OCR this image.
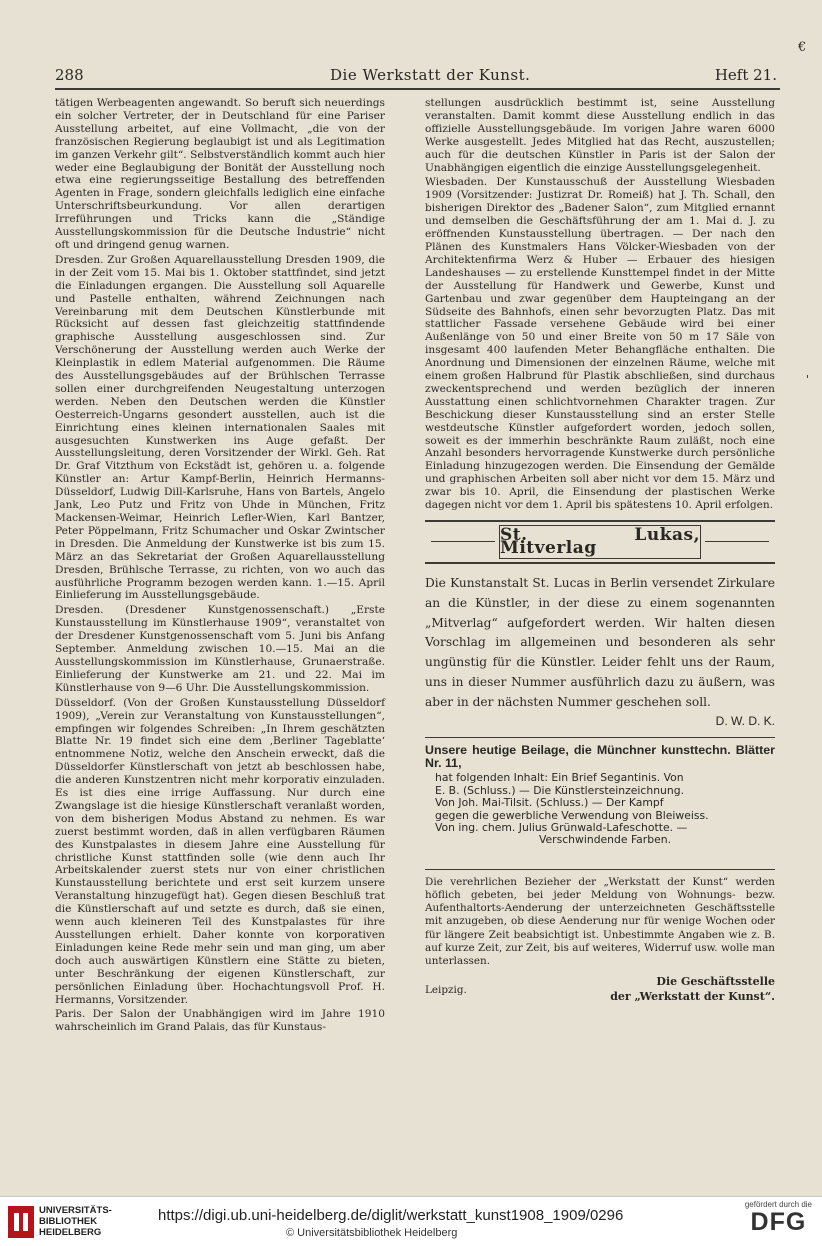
€
'
288	Die Werkstatt der Kunst.	Heft 21.

tätigen Werbeagenten angewandt. So beruft sich neuerdings ein solcher Vertreter, der in Deutschland für eine Pariser Ausstellung arbeitet, auf eine Vollmacht, „die von der französischen Regierung beglaubigt ist und als Legitimation im ganzen Verkehr gilt“. Selbstverständlich kommt auch hier weder eine Beglaubigung der Bonität der Ausstellung noch etwa eine regierungsseitige Bestallung des betreffenden Agenten in Frage, sondern gleichfalls lediglich eine einfache Unterschriftsbeurkundung. Vor allen derartigen Irreführungen und Tricks kann die „Ständige Ausstellungskommission für die Deutsche Industrie“ nicht oft und dringend genug warnen.

Dresden. Zur Großen Aquarellausstellung Dresden 1909, die in der Zeit vom 15. Mai bis 1. Oktober stattfindet, sind jetzt die Einladungen ergangen. Die Ausstellung soll Aquarelle und Pastelle enthalten, während Zeichnungen nach Vereinbarung mit dem Deutschen Künstlerbunde mit Rücksicht auf dessen fast gleichzeitig stattfindende graphische Ausstellung ausgeschlossen sind. Zur Verschönerung der Ausstellung werden auch Werke der Kleinplastik in edlem Material aufgenommen. Die Räume des Ausstellungsgebäudes auf der Brühlschen Terrasse sollen einer durchgreifenden Neugestaltung unterzogen werden. Neben den Deutschen werden die Künstler Oesterreich-Ungarns gesondert ausstellen, auch ist die Einrichtung eines kleinen internationalen Saales mit ausgesuchten Kunstwerken ins Auge gefaßt. Der Ausstellungsleitung, deren Vorsitzender der Wirkl. Geh. Rat Dr. Graf Vitzthum von Eckstädt ist, gehören u. a. folgende Künstler an: Artur Kampf-Berlin, Heinrich Hermanns-Düsseldorf, Ludwig Dill-Karlsruhe, Hans von Bartels, Angelo Jank, Leo Putz und Fritz von Uhde in München, Fritz Mackensen-Weimar, Heinrich Lefler-Wien, Karl Bantzer, Peter Pöppelmann, Fritz Schumacher und Oskar Zwintscher in Dresden. Die Anmeldung der Kunstwerke ist bis zum 15. März an das Sekretariat der Großen Aquarellausstellung Dresden, Brühlsche Terrasse, zu richten, von wo auch das ausführliche Programm bezogen werden kann. 1.—15. April Einlieferung im Ausstellungsgebäude.

Dresden. (Dresdener Kunstgenossenschaft.) „Erste Kunstausstellung im Künstlerhause 1909“, veranstaltet von der Dresdener Kunstgenossenschaft vom 5. Juni bis Anfang September. Anmeldung zwischen 10.—15. Mai an die Ausstellungskommission im Künstlerhause, Grunaerstraße. Einlieferung der Kunstwerke am 21. und 22. Mai im Künstlerhause von 9—6 Uhr. Die Ausstellungskommission.

Düsseldorf. (Von der Großen Kunstausstellung Düsseldorf 1909), „Verein zur Veranstaltung von Kunstausstellungen“, empfingen wir folgendes Schreiben: „In Ihrem geschätzten Blatte Nr. 19 findet sich eine dem ‚Berliner Tageblatte‘ entnommene Notiz, welche den Anschein erweckt, daß die Düsseldorfer Künstlerschaft von jetzt ab beschlossen habe, die anderen Kunstzentren nicht mehr korporativ einzuladen. Es ist dies eine irrige Auffassung. Nur durch eine Zwangslage ist die hiesige Künstlerschaft veranlaßt worden, von dem bisherigen Modus Abstand zu nehmen. Es war zuerst bestimmt worden, daß in allen verfügbaren Räumen des Kunstpalastes in diesem Jahre eine Ausstellung für christliche Kunst stattfinden solle (wie denn auch Ihr Arbeitskalender zuerst stets nur von einer christlichen Kunstausstellung berichtete und erst seit kurzem unsere Veranstaltung hinzugefügt hat). Gegen diesen Beschluß trat die Künstlerschaft auf und setzte es durch, daß sie einen, wenn auch kleineren Teil des Kunstpalastes für ihre Ausstellungen erhielt. Daher konnte von korporativen Einladungen keine Rede mehr sein und man ging, um aber doch auch auswärtigen Künstlern eine Stätte zu bieten, unter Beschränkung der eigenen Künstlerschaft, zur persönlichen Einladung über. Hochachtungsvoll Prof. H. Hermanns, Vorsitzender.

Paris. Der Salon der Unabhängigen wird im Jahre 1910 wahrscheinlich im Grand Palais, das für Kunstaus-

stellungen ausdrücklich bestimmt ist, seine Ausstellung veranstalten. Damit kommt diese Ausstellung endlich in das offizielle Ausstellungsgebäude. Im vorigen Jahre waren 6000 Werke ausgestellt. Jedes Mitglied hat das Recht, auszustellen; auch für die deutschen Künstler in Paris ist der Salon der Unabhängigen eigentlich die einzige Ausstellungsgelegenheit.

Wiesbaden. Der Kunstausschuß der Ausstellung Wiesbaden 1909 (Vorsitzender: Justizrat Dr. Romeiß) hat J. Th. Schall, den bisherigen Direktor des „Badener Salon“, zum Mitglied ernannt und demselben die Geschäftsführung der am 1. Mai d. J. zu eröffnenden Kunstausstellung übertragen. — Der nach den Plänen des Kunstmalers Hans Völcker-Wiesbaden von der Architektenfirma Werz & Huber — Erbauer des hiesigen Landeshauses — zu erstellende Kunsttempel findet in der Mitte der Ausstellung für Handwerk und Gewerbe, Kunst und Gartenbau und zwar gegenüber dem Haupteingang an der Südseite des Bahnhofs, einen sehr bevorzugten Platz. Das mit stattlicher Fassade versehene Gebäude wird bei einer Außenlänge von 50 und einer Breite von 50 m 17 Säle von insgesamt 400 laufenden Meter Behangfläche enthalten. Die Anordnung und Dimensionen der einzelnen Räume, welche mit einem großen Halbrund für Plastik abschließen, sind durchaus zweckentsprechend und werden bezüglich der inneren Ausstattung einen schlichtvornehmen Charakter tragen. Zur Beschickung dieser Kunstausstellung sind an erster Stelle westdeutsche Künstler aufgefordert worden, jedoch sollen, soweit es der immerhin beschränkte Raum zuläßt, noch eine Anzahl besonders hervorragende Kunstwerke durch persönliche Einladung hinzugezogen werden. Die Einsendung der Gemälde und graphischen Arbeiten soll aber nicht vor dem 15. März und zwar bis 10. April, die Einsendung der plastischen Werke dagegen nicht vor dem 1. April bis spätestens 10. April erfolgen.

St. Lukas, Mitverlag

Die Kunstanstalt St. Lucas in Berlin versendet Zirkulare an die Künstler, in der diese zu einem sogenannten „Mitverlag“ aufgefordert werden. Wir halten diesen Vorschlag im allgemeinen und besonderen als sehr ungünstig für die Künstler. Leider fehlt uns der Raum, uns in dieser Nummer ausführlich dazu zu äußern, was aber in der nächsten Nummer geschehen soll.

D. W. D. K.

Unsere heutige Beilage, die Münchner kunsttechn. Blätter Nr. 11,

hat folgenden Inhalt: Ein Brief Segantinis. Von
E. B. (Schluss.) — Die Künstlersteinzeichnung.
Von Joh. Mai-Tilsit. (Schluss.) — Der Kampf
gegen die gewerbliche Verwendung von Bleiweiss.
Von ing. chem. Julius Grünwald-Lafeschotte. —
Verschwindende Farben.
Die verehrlichen Bezieher der „Werkstatt der Kunst“ werden höflich gebeten, bei jeder Meldung von Wohnungs- bezw. Aufenthaltorts-Aenderung der unterzeichneten Geschäftsstelle mit anzugeben, ob diese Aenderung nur für wenige Wochen oder für längere Zeit beabsichtigt ist. Unbestimmte Angaben wie z. B. auf kurze Zeit, zur Zeit, bis auf weiteres, Widerruf usw. wolle man unterlassen.
Leipzig.
Die Geschäftsstelle
der „Werkstatt der Kunst“.
UNIVERSITÄTS-
BIBLIOTHEK
HEIDELBERG
https://digi.ub.uni-heidelberg.de/diglit/werkstatt_kunst1908_1909/0296
© Universitätsbibliothek Heidelberg
gefördert durch die
DFG
